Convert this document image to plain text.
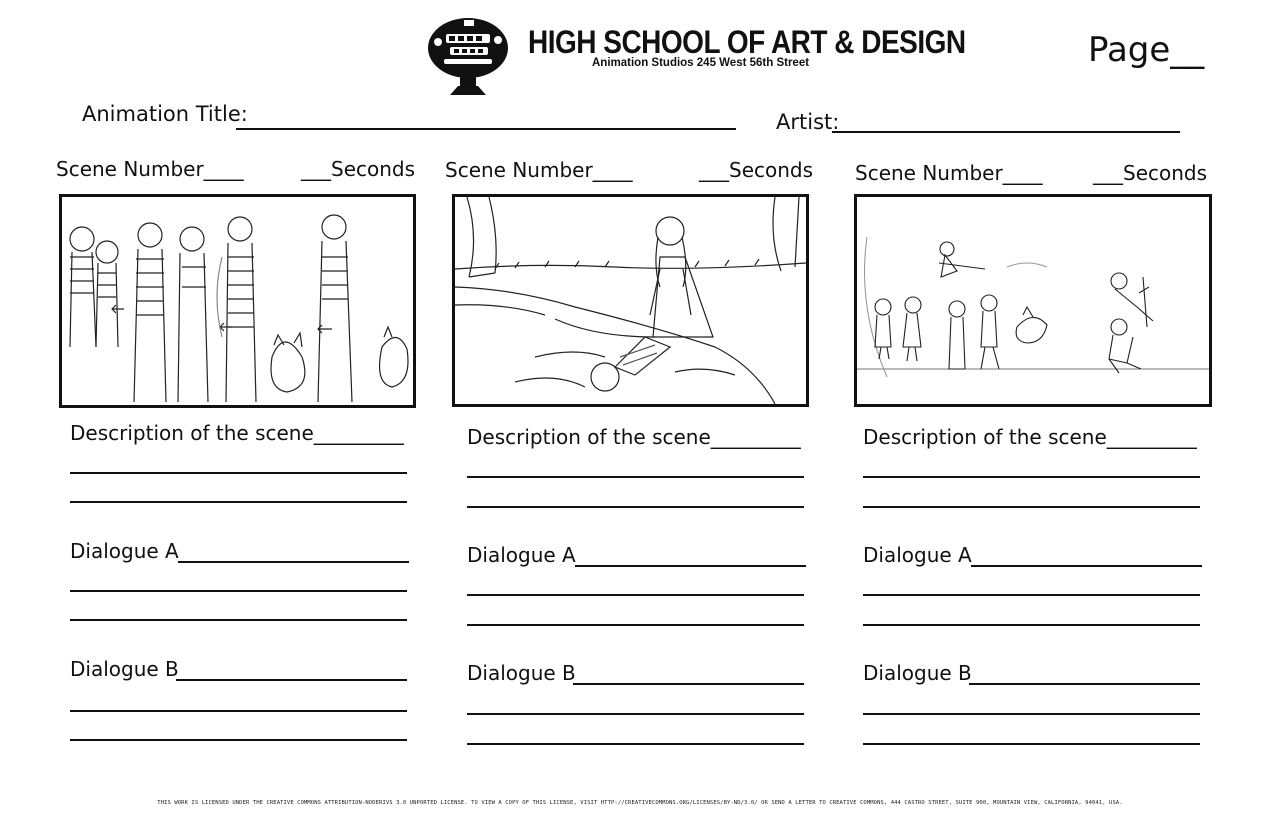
HIGH SCHOOL OF ART & DESIGN
Animation Studios 245 West 56th Street	Page__
Animation Title:	Artist:
Scene Number____	___Seconds
Description of the scene_________
Dialogue A
Dialogue B
Scene Number____	___Seconds
Description of the scene_________
Dialogue A
Dialogue B
Scene Number____	___Seconds
Description of the scene_________
Dialogue A
Dialogue B
THIS WORK IS LICENSED UNDER THE CREATIVE COMMONS ATTRIBUTION-NODERIVS 3.0 UNPORTED LICENSE. TO VIEW A COPY OF THIS LICENSE, VISIT HTTP://CREATIVECOMMONS.ORG/LICENSES/BY-ND/3.0/ OR SEND A LETTER TO CREATIVE COMMONS, 444 CASTRO STREET, SUITE 900, MOUNTAIN VIEW, CALIFORNIA, 94041, USA.
